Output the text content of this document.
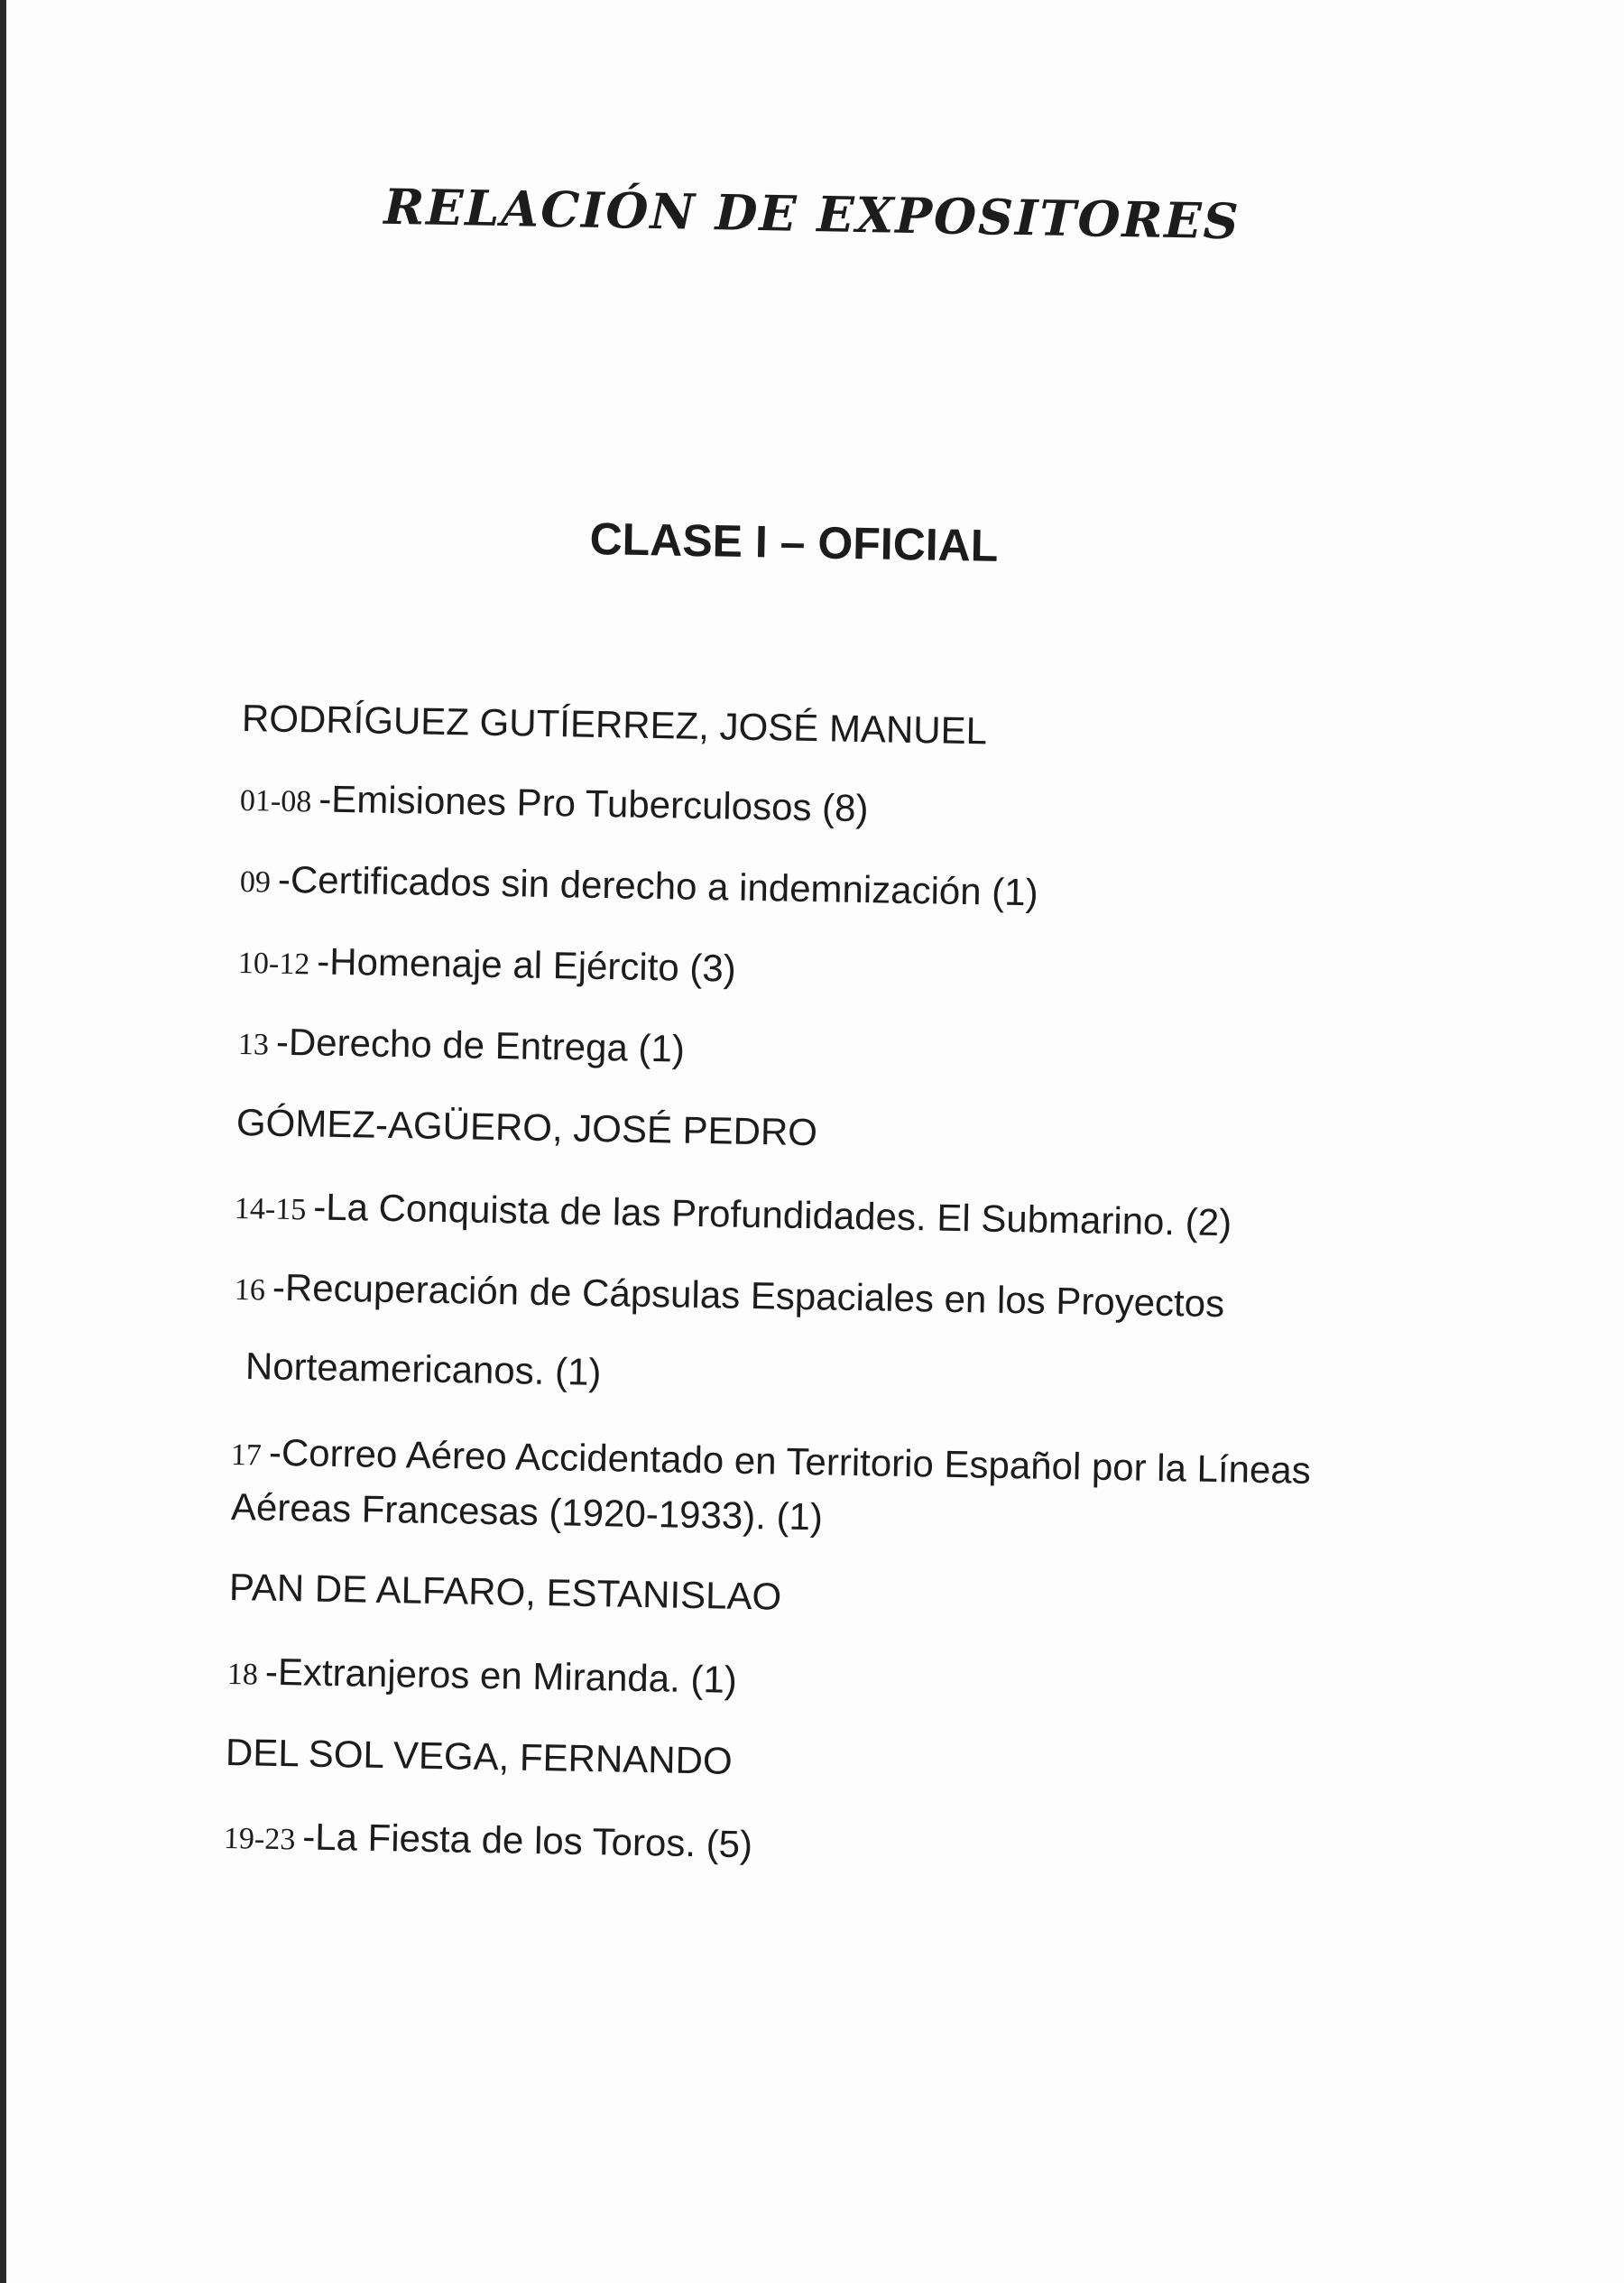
RELACIÓN DE EXPOSITORES
CLASE I – OFICIAL
RODRÍGUEZ GUTÍERREZ, JOSÉ MANUEL
01-08 -Emisiones Pro Tuberculosos (8)
09 -Certificados sin derecho a indemnización (1)
10-12 -Homenaje al Ejército (3)
13 -Derecho de Entrega (1)
GÓMEZ-AGÜERO, JOSÉ PEDRO
14-15 -La Conquista de las Profundidades. El Submarino. (2)
16 -Recuperación de Cápsulas Espaciales en los Proyectos
Norteamericanos. (1)
17 -Correo Aéreo Accidentado en Territorio Español por la Líneas
Aéreas Francesas (1920-1933). (1)
PAN DE ALFARO, ESTANISLAO
18 -Extranjeros en Miranda. (1)
DEL SOL VEGA, FERNANDO
19-23 -La Fiesta de los Toros. (5)
